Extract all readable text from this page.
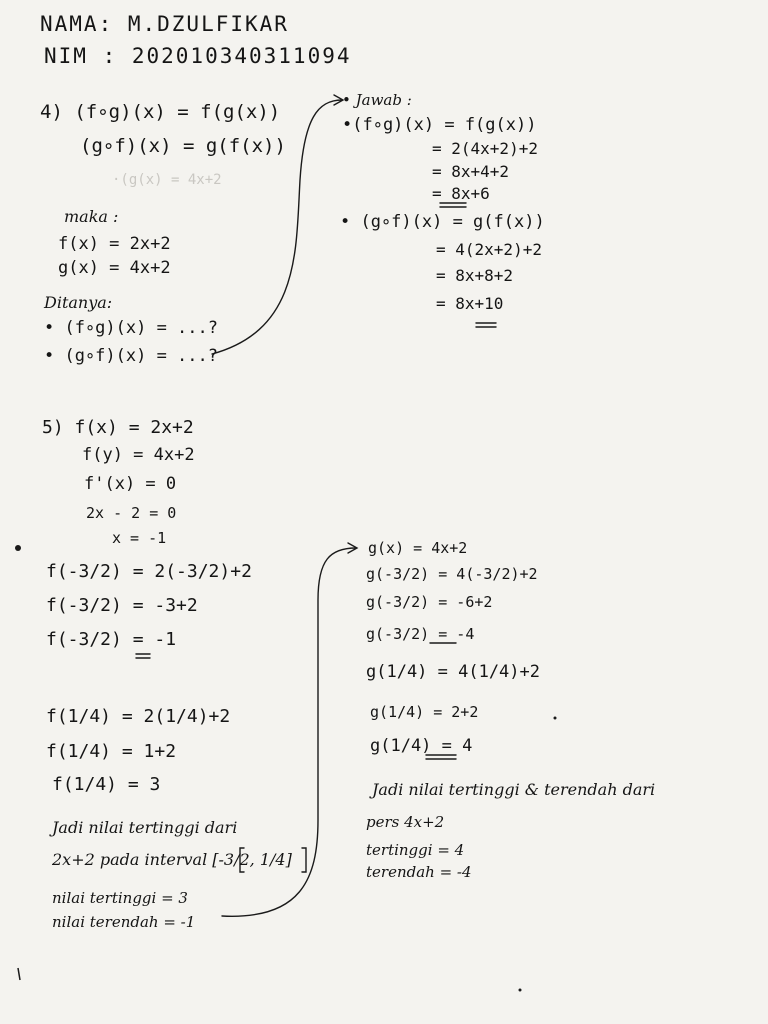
NAMA: M.DZULFIKAR
NIM : 202010340311094
4) (f∘g)(x) = f(g(x))
(g∘f)(x) = g(f(x))
·(g(x) = 4x+2
maka :
f(x) = 2x+2
g(x) = 4x+2
Ditanya:
• (f∘g)(x) = ...?
• (g∘f)(x) = ...?
• Jawab :
•(f∘g)(x) = f(g(x))
= 2(4x+2)+2
= 8x+4+2
= 8x+6
• (g∘f)(x) = g(f(x))
= 4(2x+2)+2
= 8x+8+2
= 8x+10
5) f(x) = 2x+2
f(y) = 4x+2
f'(x) = 0
2x - 2 = 0
x = -1
f(-3/2) = 2(-3/2)+2
f(-3/2) = -3+2
f(-3/2) = -1
f(1/4) = 2(1/4)+2
f(1/4) = 1+2
f(1/4) = 3
Jadi nilai tertinggi dari
2x+2 pada interval [-3/2, 1/4]
nilai tertinggi = 3
nilai terendah = -1
g(x) = 4x+2
g(-3/2) = 4(-3/2)+2
g(-3/2) = -6+2
g(-3/2) = -4
g(1/4) = 4(1/4)+2
g(1/4) = 2+2
g(1/4) = 4
Jadi nilai tertinggi & terendah dari
pers 4x+2
tertinggi = 4
terendah = -4
